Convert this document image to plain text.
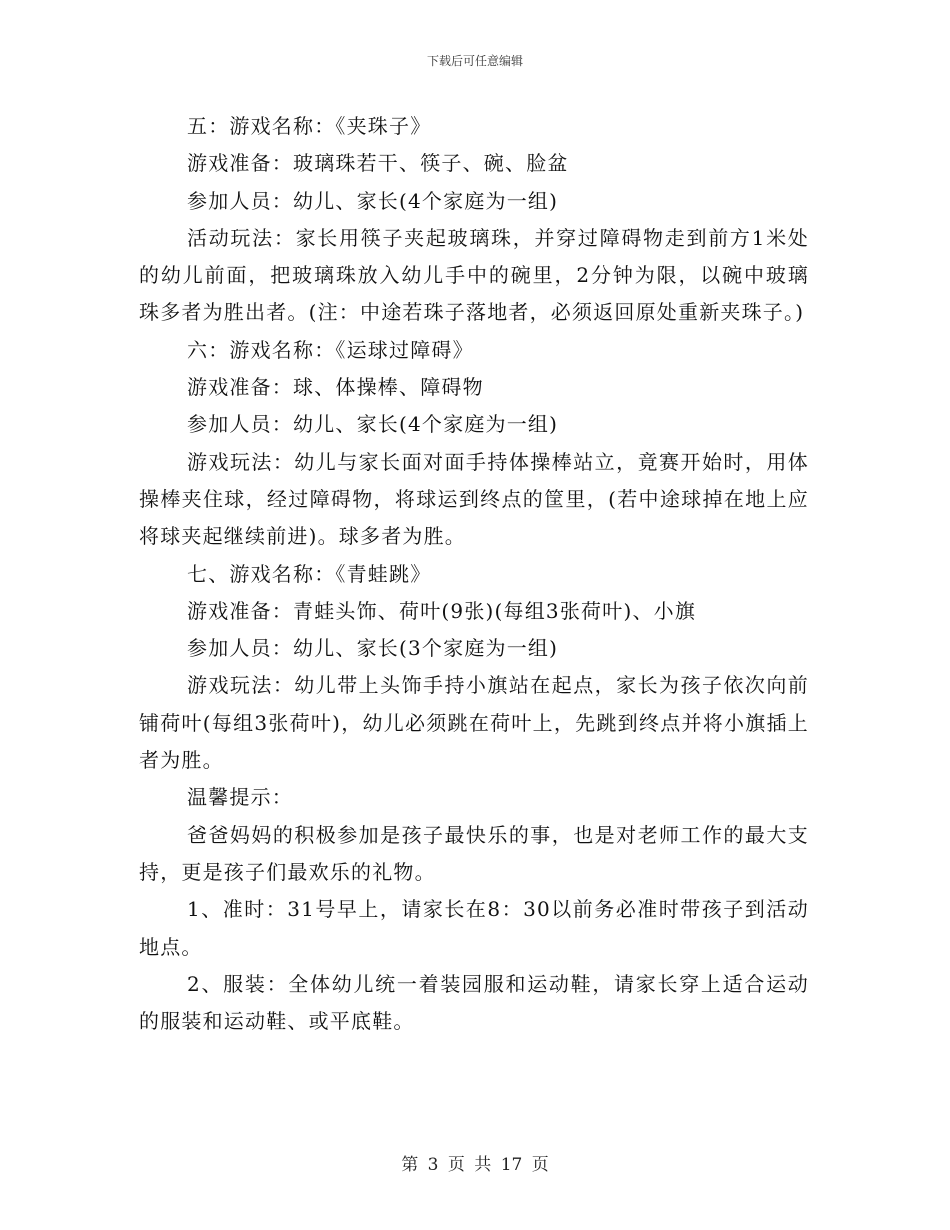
下载后可任意编辑

五：游戏名称：《夹珠子》

游戏准备：玻璃珠若干、筷子、碗、脸盆

参加人员：幼儿、家长(4个家庭为一组)

活动玩法：家长用筷子夹起玻璃珠，并穿过障碍物走到前方1米处的幼儿前面，把玻璃珠放入幼儿手中的碗里，2分钟为限，以碗中玻璃珠多者为胜出者。(注：中途若珠子落地者，必须返回原处重新夹珠子。)

六：游戏名称：《运球过障碍》

游戏准备：球、体操棒、障碍物

参加人员：幼儿、家长(4个家庭为一组)

游戏玩法：幼儿与家长面对面手持体操棒站立，竟赛开始时，用体操棒夹住球，经过障碍物，将球运到终点的筐里，(若中途球掉在地上应将球夹起继续前进)。球多者为胜。

七、游戏名称：《青蛙跳》

游戏准备：青蛙头饰、荷叶(9张)(每组3张荷叶)、小旗

参加人员：幼儿、家长(3个家庭为一组)

游戏玩法：幼儿带上头饰手持小旗站在起点，家长为孩子依次向前铺荷叶(每组3张荷叶)，幼儿必须跳在荷叶上，先跳到终点并将小旗插上者为胜。

温馨提示：

爸爸妈妈的积极参加是孩子最快乐的事，也是对老师工作的最大支持，更是孩子们最欢乐的礼物。

1、准时：31号早上，请家长在8：30以前务必准时带孩子到活动地点。

2、服装：全体幼儿统一着装园服和运动鞋，请家长穿上适合运动的服装和运动鞋、或平底鞋。

第 3 页 共 17 页
